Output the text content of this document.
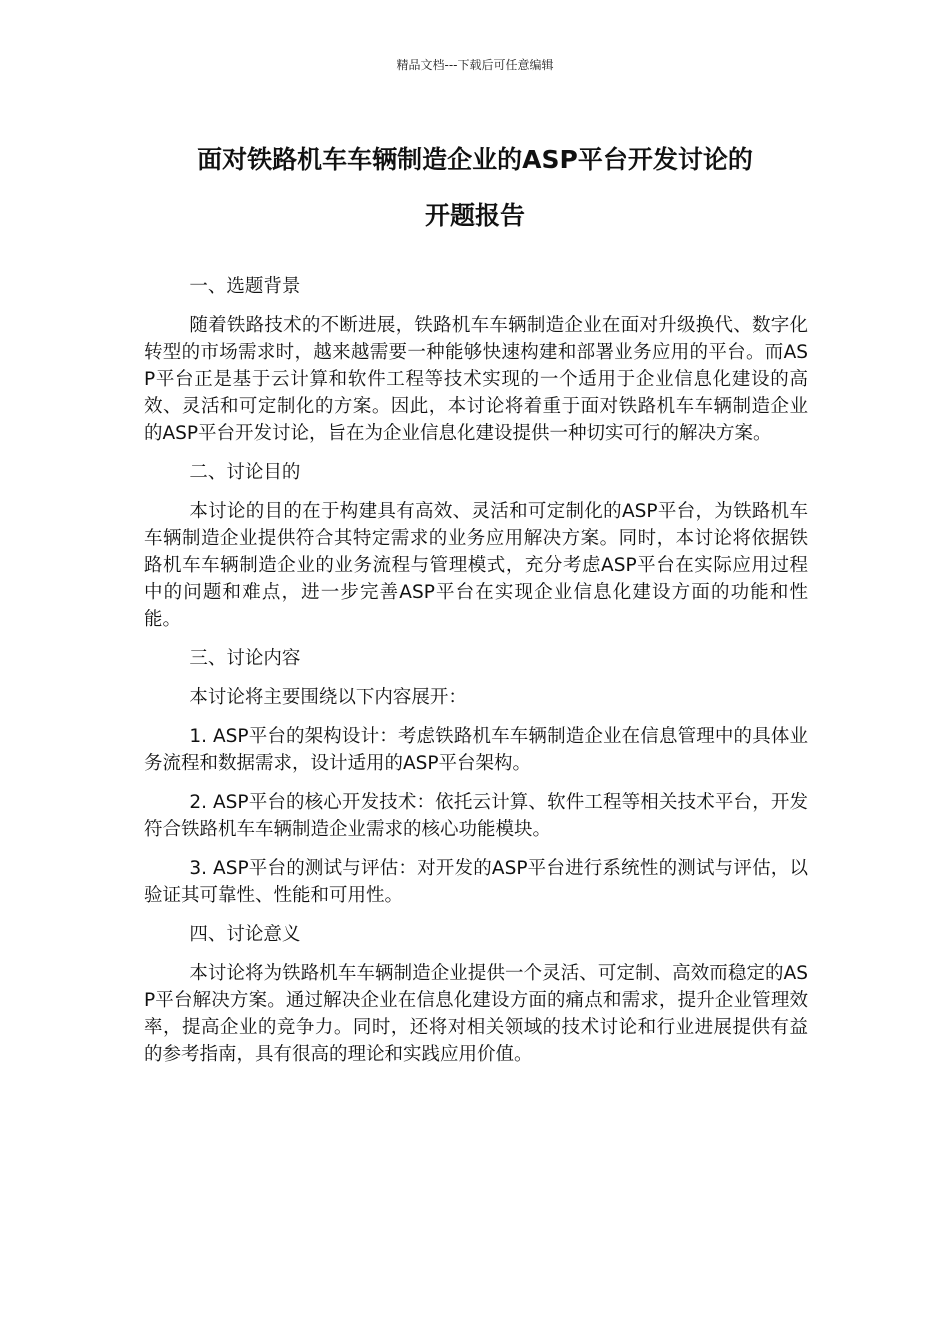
精品文档---下载后可任意编辑
面对铁路机车车辆制造企业的ASP平台开发讨论的
开题报告

一、选题背景

随着铁路技术的不断进展，铁路机车车辆制造企业在面对升级换代、数字化转型的市场需求时，越来越需要一种能够快速构建和部署业务应用的平台。而ASP平台正是基于云计算和软件工程等技术实现的一个适用于企业信息化建设的高效、灵活和可定制化的方案。因此，本讨论将着重于面对铁路机车车辆制造企业的ASP平台开发讨论，旨在为企业信息化建设提供一种切实可行的解决方案。

二、讨论目的

本讨论的目的在于构建具有高效、灵活和可定制化的ASP平台，为铁路机车车辆制造企业提供符合其特定需求的业务应用解决方案。同时，本讨论将依据铁路机车车辆制造企业的业务流程与管理模式，充分考虑ASP平台在实际应用过程中的问题和难点，进一步完善ASP平台在实现企业信息化建设方面的功能和性能。

三、讨论内容

本讨论将主要围绕以下内容展开：

1. ASP平台的架构设计：考虑铁路机车车辆制造企业在信息管理中的具体业务流程和数据需求，设计适用的ASP平台架构。

2. ASP平台的核心开发技术：依托云计算、软件工程等相关技术平台，开发符合铁路机车车辆制造企业需求的核心功能模块。

3. ASP平台的测试与评估：对开发的ASP平台进行系统性的测试与评估，以验证其可靠性、性能和可用性。

四、讨论意义

本讨论将为铁路机车车辆制造企业提供一个灵活、可定制、高效而稳定的ASP平台解决方案。通过解决企业在信息化建设方面的痛点和需求，提升企业管理效率，提高企业的竞争力。同时，还将对相关领域的技术讨论和行业进展提供有益的参考指南，具有很高的理论和实践应用价值。
